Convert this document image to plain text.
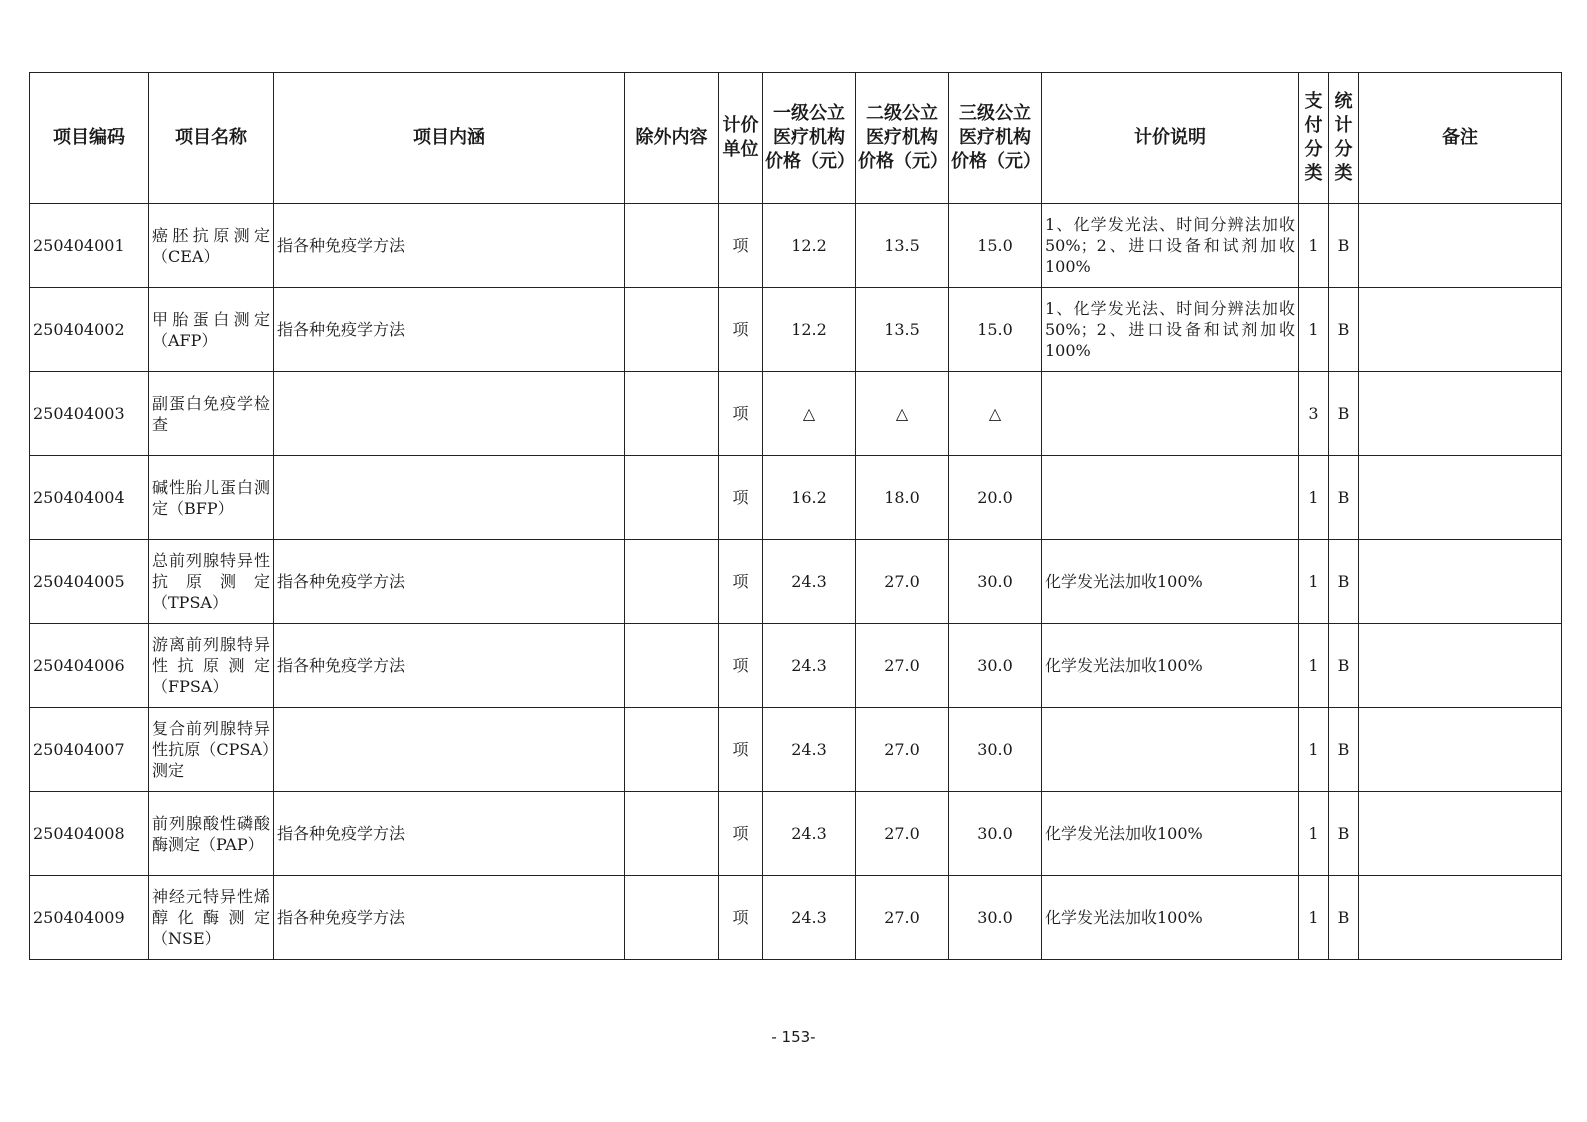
项目编码	项目名称	项目内涵	除外内容	计价单位	一级公立医疗机构价格（元）	二级公立医疗机构价格（元）	三级公立医疗机构价格（元）	计价说明	支付分类	统计分类	备注
250404001	癌胚抗原测定（CEA）	指各种免疫学方法		项	12.2	13.5	15.0	1、化学发光法、时间分辨法加收50%；2、进口设备和试剂加收100%	1	B	
250404002	甲胎蛋白测定（AFP）	指各种免疫学方法		项	12.2	13.5	15.0	1、化学发光法、时间分辨法加收50%；2、进口设备和试剂加收100%	1	B	
250404003	副蛋白免疫学检查			项	△	△	△		3	B	
250404004	碱性胎儿蛋白测定（BFP）			项	16.2	18.0	20.0		1	B	
250404005	总前列腺特异性抗原测定（TPSA）	指各种免疫学方法		项	24.3	27.0	30.0	化学发光法加收100%	1	B	
250404006	游离前列腺特异性抗原测定（FPSA）	指各种免疫学方法		项	24.3	27.0	30.0	化学发光法加收100%	1	B	
250404007	复合前列腺特异性抗原（CPSA）测定			项	24.3	27.0	30.0		1	B	
250404008	前列腺酸性磷酸酶测定（PAP）	指各种免疫学方法		项	24.3	27.0	30.0	化学发光法加收100%	1	B	
250404009	神经元特异性烯醇化酶测定（NSE）	指各种免疫学方法		项	24.3	27.0	30.0	化学发光法加收100%	1	B	
- 153-
